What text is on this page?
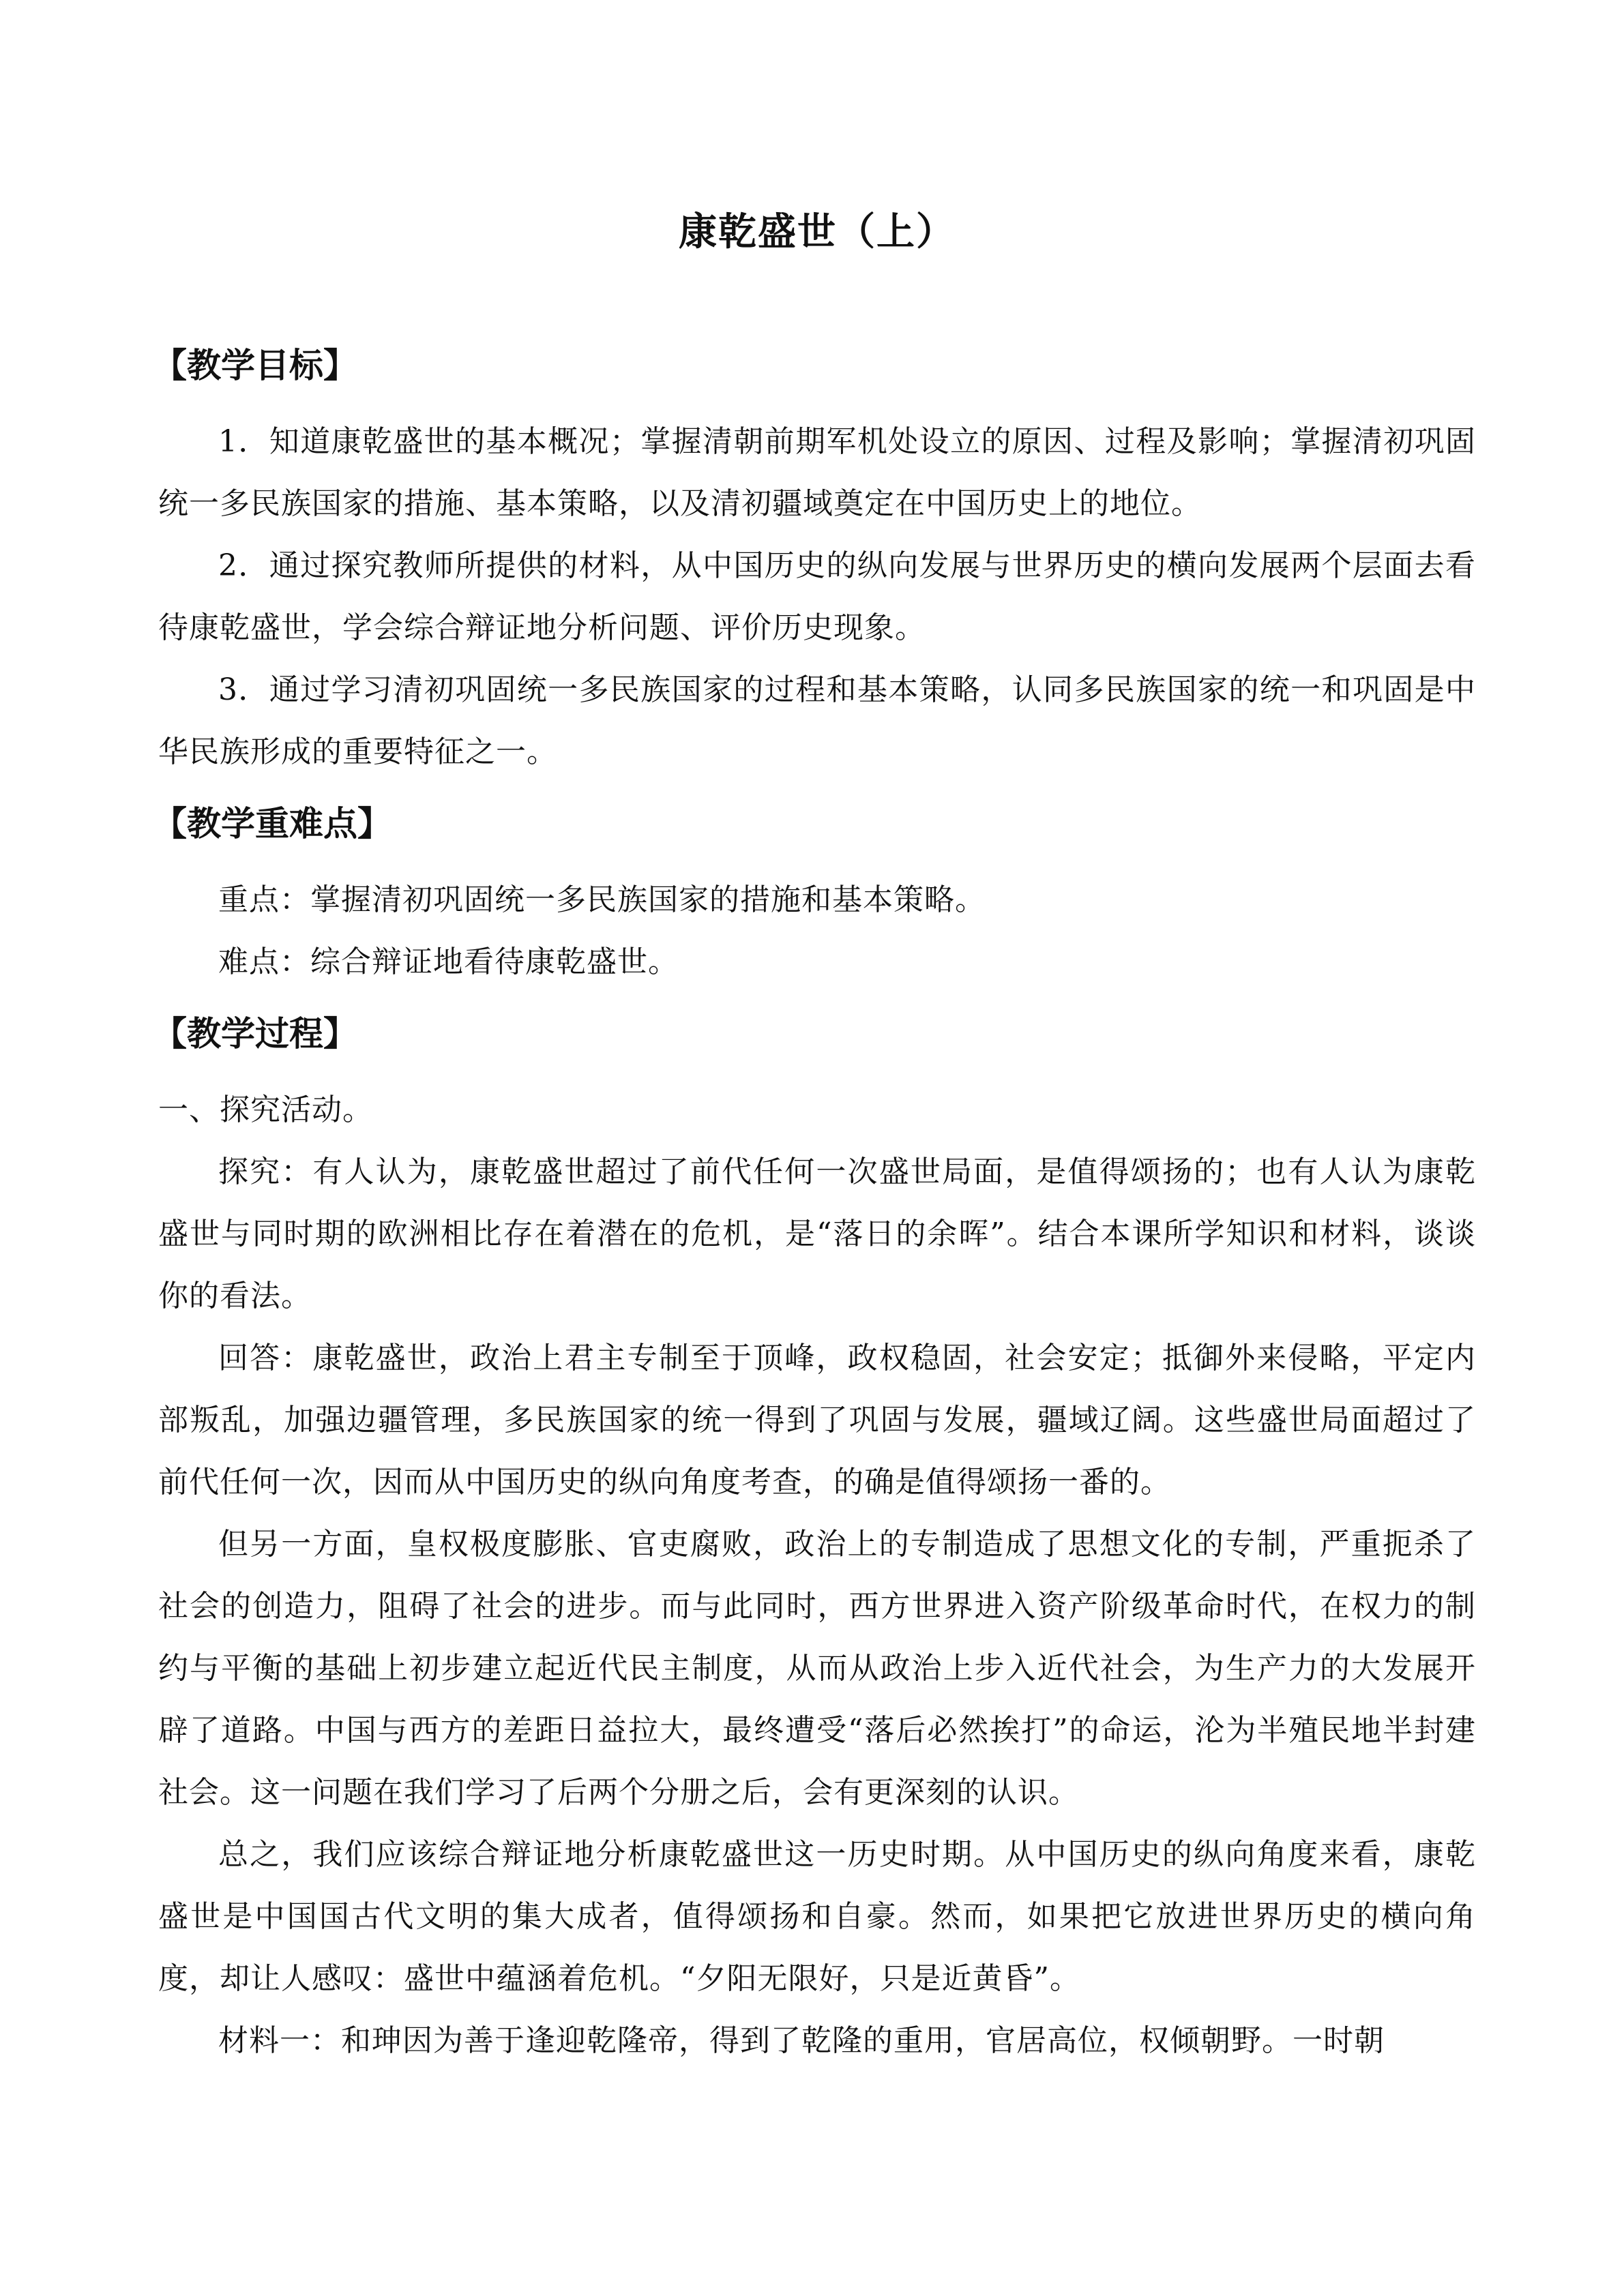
康乾盛世（上）
【教学目标】

1．知道康乾盛世的基本概况；掌握清朝前期军机处设立的原因、过程及影响；掌握清初巩固统一多民族国家的措施、基本策略，以及清初疆域奠定在中国历史上的地位。

2．通过探究教师所提供的材料，从中国历史的纵向发展与世界历史的横向发展两个层面去看待康乾盛世，学会综合辩证地分析问题、评价历史现象。

3．通过学习清初巩固统一多民族国家的过程和基本策略，认同多民族国家的统一和巩固是中华民族形成的重要特征之一。

【教学重难点】

重点：掌握清初巩固统一多民族国家的措施和基本策略。

难点：综合辩证地看待康乾盛世。

【教学过程】

一、探究活动。

探究：有人认为，康乾盛世超过了前代任何一次盛世局面，是值得颂扬的；也有人认为康乾盛世与同时期的欧洲相比存在着潜在的危机，是“落日的余晖”。结合本课所学知识和材料，谈谈你的看法。

回答：康乾盛世，政治上君主专制至于顶峰，政权稳固，社会安定；抵御外来侵略，平定内部叛乱，加强边疆管理，多民族国家的统一得到了巩固与发展，疆域辽阔。这些盛世局面超过了前代任何一次，因而从中国历史的纵向角度考查，的确是值得颂扬一番的。

但另一方面，皇权极度膨胀、官吏腐败，政治上的专制造成了思想文化的专制，严重扼杀了社会的创造力，阻碍了社会的进步。而与此同时，西方世界进入资产阶级革命时代，在权力的制约与平衡的基础上初步建立起近代民主制度，从而从政治上步入近代社会，为生产力的大发展开辟了道路。中国与西方的差距日益拉大，最终遭受“落后必然挨打”的命运，沦为半殖民地半封建社会。这一问题在我们学习了后两个分册之后，会有更深刻的认识。

总之，我们应该综合辩证地分析康乾盛世这一历史时期。从中国历史的纵向角度来看，康乾盛世是中国国古代文明的集大成者，值得颂扬和自豪。然而，如果把它放进世界历史的横向角度，却让人感叹：盛世中蕴涵着危机。“夕阳无限好，只是近黄昏”。

材料一：和珅因为善于逢迎乾隆帝，得到了乾隆的重用，官居高位，权倾朝野。一时朝
